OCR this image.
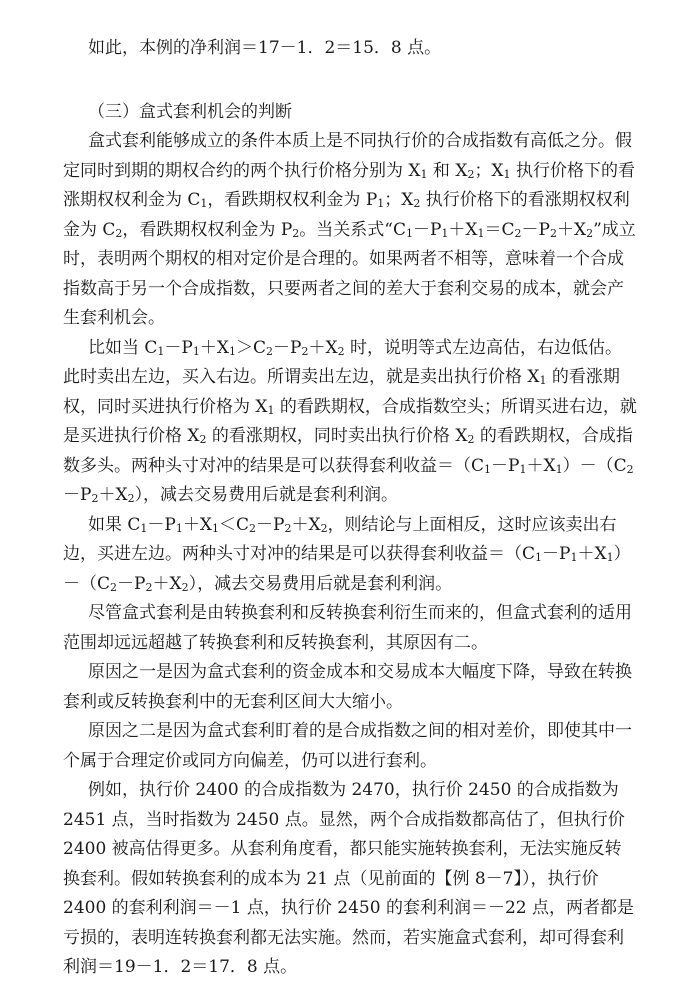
如此，本例的净利润＝17－1．2＝15．8 点。

（三）盒式套利机会的判断

盒式套利能够成立的条件本质上是不同执行价的合成指数有高低之分。假定同时到期的期权合约的两个执行价格分别为 $X_1$ 和 $X_2$；$X_1$ 执行价格下的看涨期权权利金为 $C_1$，看跌期权权利金为 $P_1$；$X_2$ 执行价格下的看涨期权权利金为 $C_2$，看跌期权权利金为 $P_2$。当关系式“$C_1-P_1+X_1=C_2-P_2+X_2$”成立时，表明两个期权的相对定价是合理的。如果两者不相等，意味着一个合成指数高于另一个合成指数，只要两者之间的差大于套利交易的成本，就会产生套利机会。

比如当 $C_1-P_1+X_1>C_2-P_2+X_2$ 时，说明等式左边高估，右边低估。此时卖出左边，买入右边。所谓卖出左边，就是卖出执行价格 $X_1$ 的看涨期权，同时买进执行价格为 $X_1$ 的看跌期权，合成指数空头；所谓买进右边，就是买进执行价格 $X_2$ 的看涨期权，同时卖出执行价格 $X_2$ 的看跌期权，合成指数多头。两种头寸对冲的结果是可以获得套利收益$=(C_1-P_1+X_1)-(C_2-P_2+X_2)$，减去交易费用后就是套利利润。

如果 $C_1-P_1+X_1<C_2-P_2+X_2$，则结论与上面相反，这时应该卖出右边，买进左边。两种头寸对冲的结果是可以获得套利收益$=(C_1-P_1+X_1)-(C_2-P_2+X_2)$，减去交易费用后就是套利利润。

尽管盒式套利是由转换套利和反转换套利衍生而来的，但盒式套利的适用范围却远远超越了转换套利和反转换套利，其原因有二。

原因之一是因为盒式套利的资金成本和交易成本大幅度下降，导致在转换套利或反转换套利中的无套利区间大大缩小。

原因之二是因为盒式套利盯着的是合成指数之间的相对差价，即使其中一个属于合理定价或同方向偏差，仍可以进行套利。

例如，执行价 2400 的合成指数为 2470，执行价 2450 的合成指数为 2451 点，当时指数为 2450 点。显然，两个合成指数都高估了，但执行价 2400 被高估得更多。从套利角度看，都只能实施转换套利，无法实施反转换套利。假如转换套利的成本为 21 点（见前面的【例 8－7】），执行价 2400 的套利利润＝－1 点，执行价 2450 的套利利润＝－22 点，两者都是亏损的，表明连转换套利都无法实施。然而，若实施盒式套利，却可得套利利润＝19－1．2＝17．8 点。
